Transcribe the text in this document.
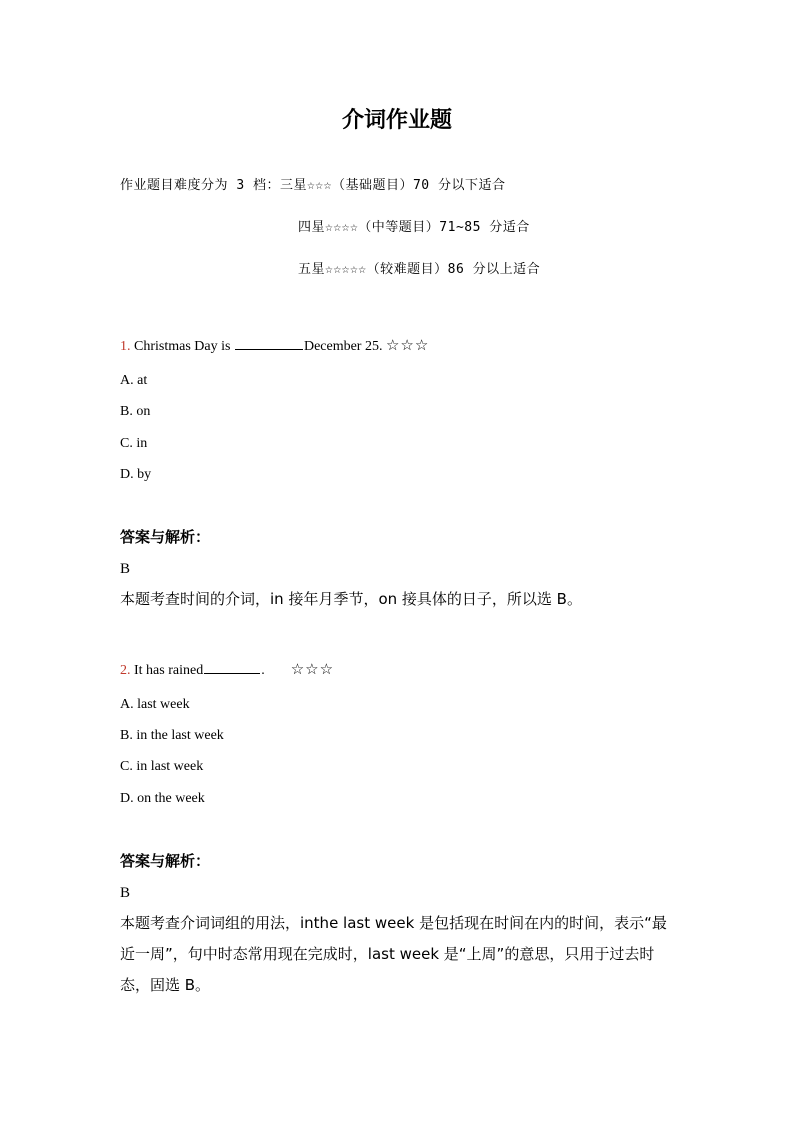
介词作业题
作业题目难度分为 3 档：三星☆☆☆（基础题目）70 分以下适合
四星☆☆☆☆（中等题目）71~85 分适合
五星☆☆☆☆☆（较难题目）86 分以上适合
1. Christmas Day is	December 25. ☆☆☆
A. at
B. on
C. in
D. by
答案与解析：
B
本题考查时间的介词，in 接年月季节，on 接具体的日子，所以选 B。
2. It has rained	. ☆☆☆
A. last week
B. in the last week
C. in last week
D. on the week
答案与解析：
B
本题考查介词词组的用法，inthe last week 是包括现在时间在内的时间，表示“最近一周”，句中时态常用现在完成时，last week 是“上周”的意思，只用于过去时态，固选 B。
